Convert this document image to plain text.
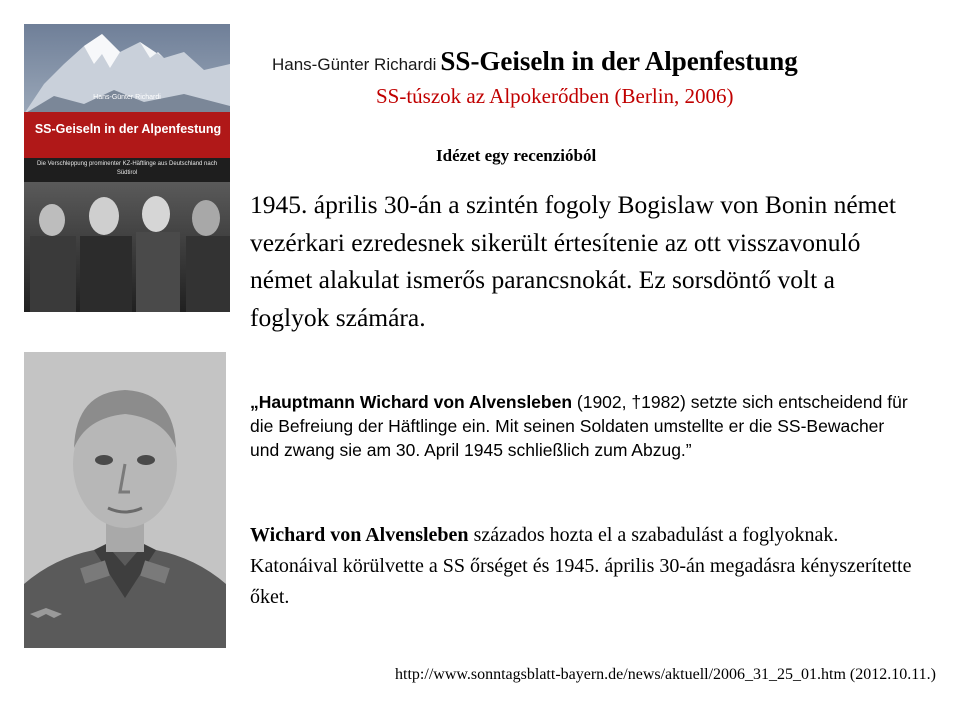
Hans-Günter Richardi
SS-Geiseln in der Alpenfestung
Die Verschleppung prominenter KZ-Häftlinge aus Deutschland nach Südtirol
Hans-Günter Richardi SS-Geiseln in der Alpenfestung
SS-túszok az Alpokerődben (Berlin, 2006)
Idézet egy recenzióból
1945. április 30-án a szintén fogoly Bogislaw von Bonin német vezérkari ezredesnek sikerült értesítenie az ott visszavonuló német alakulat ismerős parancsnokát. Ez sorsdöntő volt a foglyok számára.
„Hauptmann Wichard von Alvensleben (1902, †1982) setzte sich entscheidend für die Befreiung der Häftlinge ein. Mit seinen Soldaten umstellte er die SS-Bewacher und zwang sie am 30. April 1945 schließlich zum Abzug.”
Wichard von Alvensleben százados hozta el a szabadulást a foglyoknak. Katonáival körülvette a SS őrséget és 1945. április 30-án megadásra kényszerítette őket.
http://www.sonntagsblatt-bayern.de/news/aktuell/2006_31_25_01.htm (2012.10.11.)
